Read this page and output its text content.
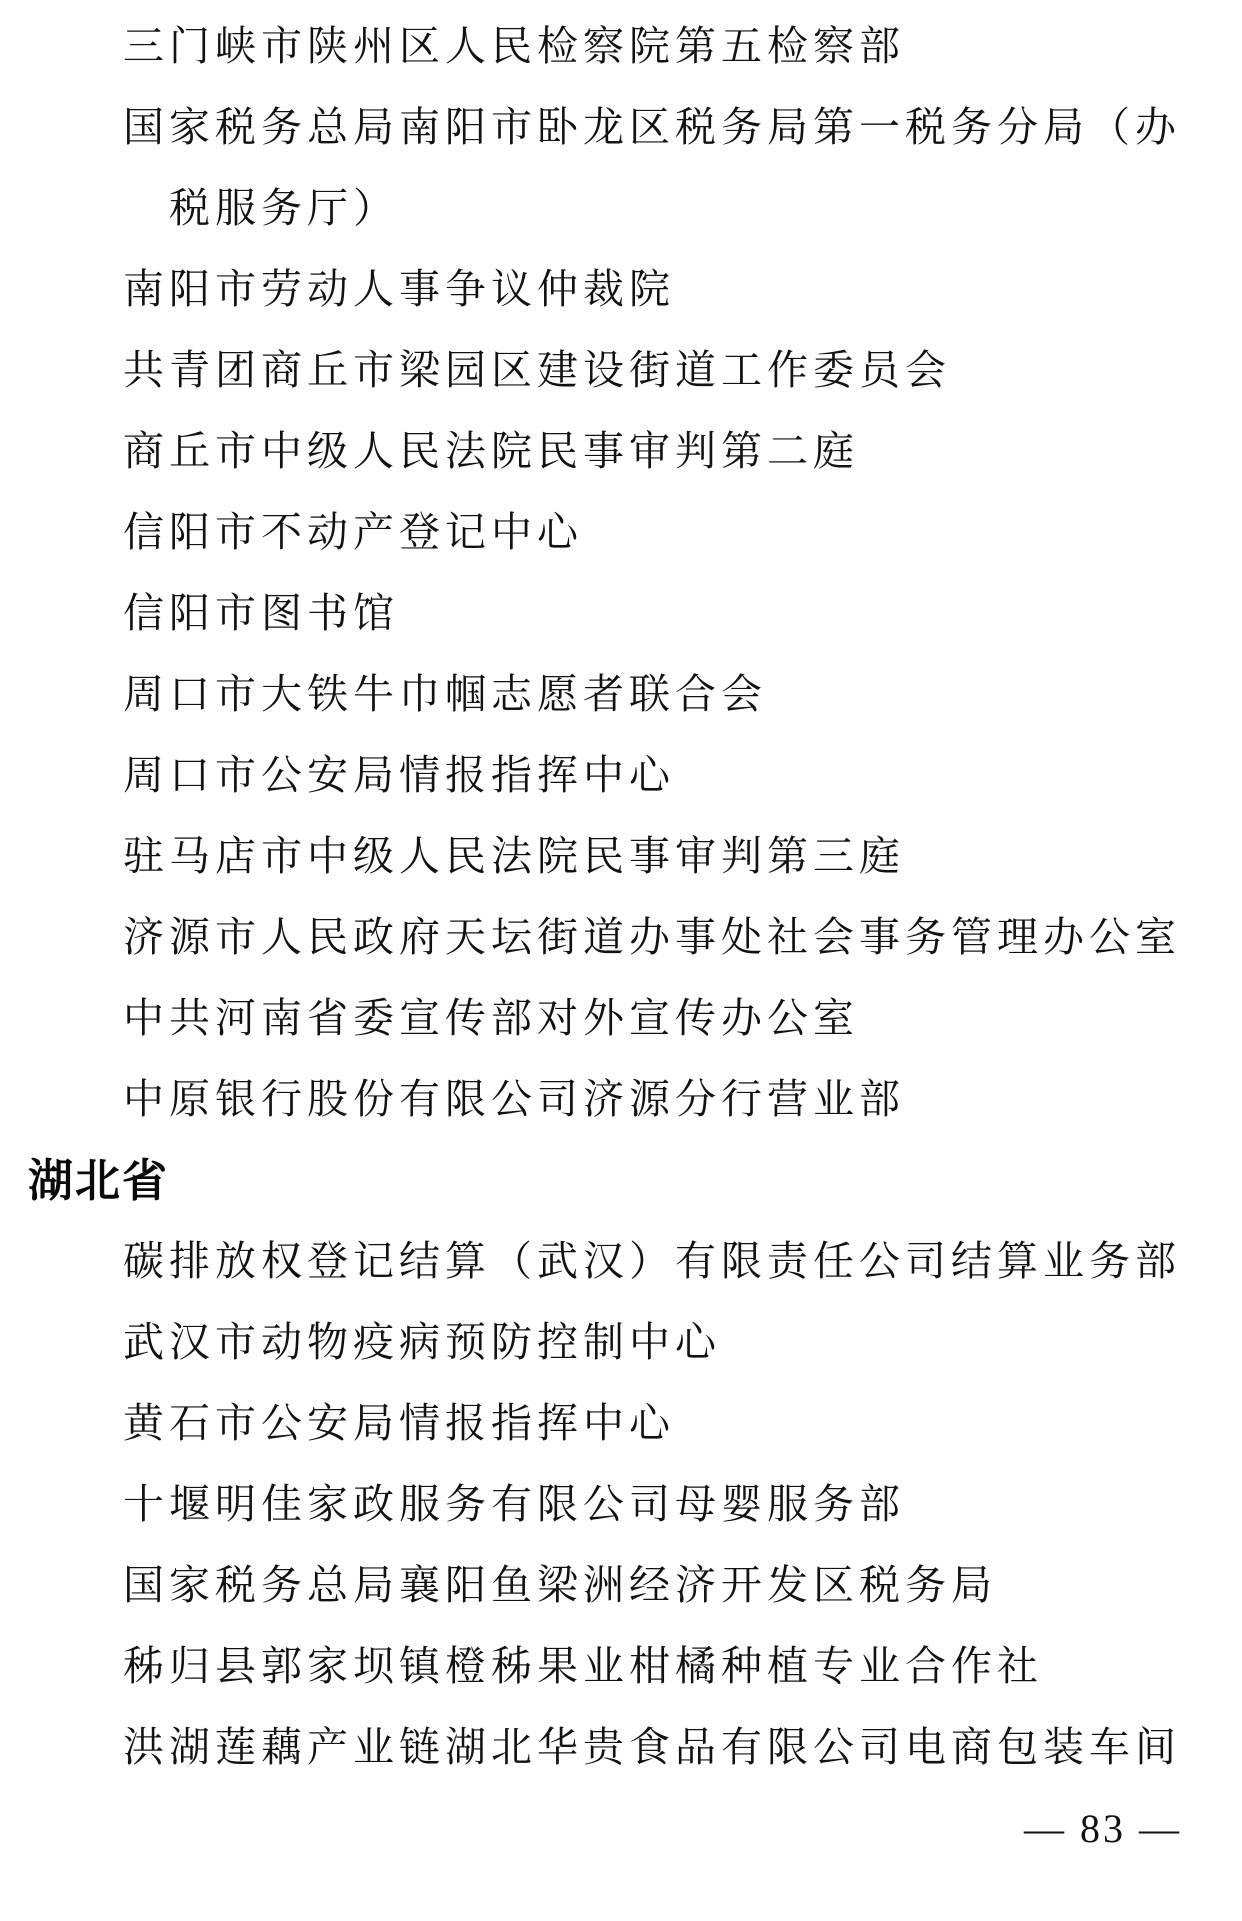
三门峡市陕州区人民检察院第五检察部
国家税务总局南阳市卧龙区税务局第一税务分局（办
税服务厅）
南阳市劳动人事争议仲裁院
共青团商丘市梁园区建设街道工作委员会
商丘市中级人民法院民事审判第二庭
信阳市不动产登记中心
信阳市图书馆
周口市大铁牛巾帼志愿者联合会
周口市公安局情报指挥中心
驻马店市中级人民法院民事审判第三庭
济源市人民政府天坛街道办事处社会事务管理办公室
中共河南省委宣传部对外宣传办公室
中原银行股份有限公司济源分行营业部
湖北省
碳排放权登记结算（武汉）有限责任公司结算业务部
武汉市动物疫病预防控制中心
黄石市公安局情报指挥中心
十堰明佳家政服务有限公司母婴服务部
国家税务总局襄阳鱼梁洲经济开发区税务局
秭归县郭家坝镇橙秭果业柑橘种植专业合作社
洪湖莲藕产业链湖北华贵食品有限公司电商包装车间
— 83 —
